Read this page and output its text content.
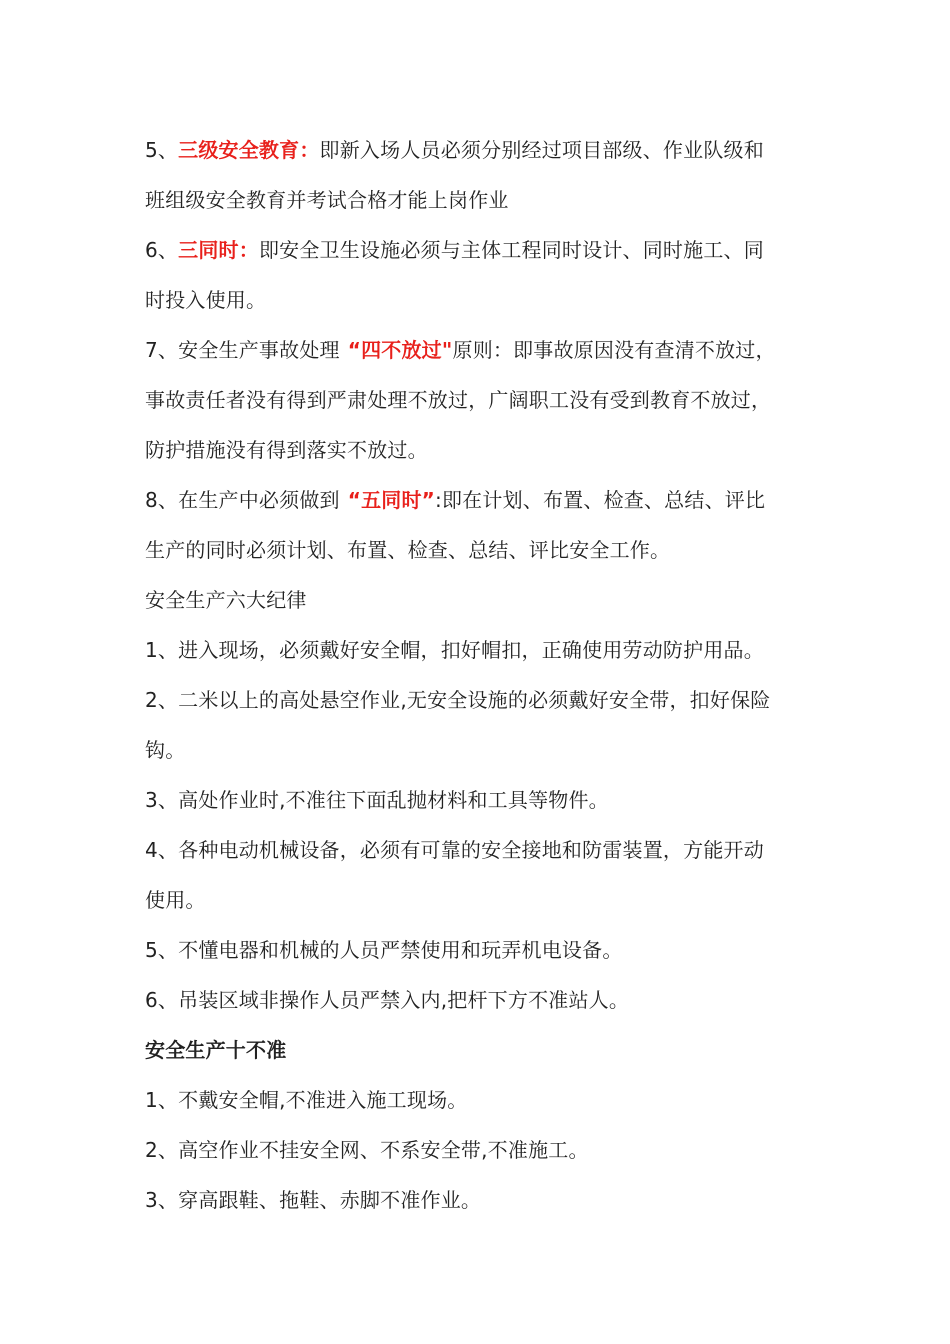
5、三级安全教育：即新入场人员必须分别经过项目部级、作业队级和
班组级安全教育并考试合格才能上岗作业
6、三同时：即安全卫生设施必须与主体工程同时设计、同时施工、同
时投入使用。
7、安全生产事故处理 “四不放过"原则：即事故原因没有查清不放过，
事故责任者没有得到严肃处理不放过，广阔职工没有受到教育不放过，
防护措施没有得到落实不放过。
8、在生产中必须做到 “五同时”:即在计划、布置、检查、总结、评比
生产的同时必须计划、布置、检查、总结、评比安全工作。
安全生产六大纪律
1、进入现场，必须戴好安全帽，扣好帽扣，正确使用劳动防护用品。
2、二米以上的高处悬空作业,无安全设施的必须戴好安全带，扣好保险
钩。
3、高处作业时,不准往下面乱抛材料和工具等物件。
4、各种电动机械设备，必须有可靠的安全接地和防雷装置，方能开动
使用。
5、不懂电器和机械的人员严禁使用和玩弄机电设备。
6、吊装区域非操作人员严禁入内,把杆下方不准站人。
安全生产十不准
1、不戴安全帽,不准进入施工现场。
2、高空作业不挂安全网、不系安全带,不准施工。
3、穿高跟鞋、拖鞋、赤脚不准作业。
